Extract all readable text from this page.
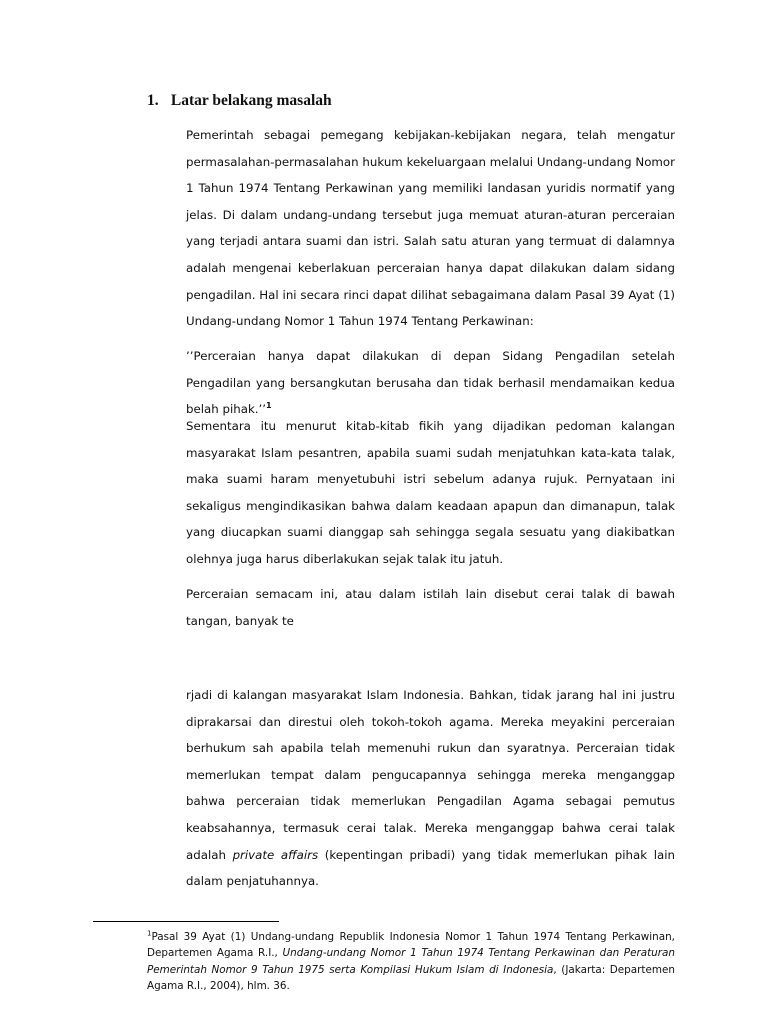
1. Latar belakang masalah

Pemerintah sebagai pemegang kebijakan-kebijakan negara, telah mengatur permasalahan-permasalahan hukum kekeluargaan melalui Undang-undang Nomor 1 Tahun 1974 Tentang Perkawinan yang memiliki landasan yuridis normatif yang jelas. Di dalam undang-undang tersebut juga memuat aturan-aturan perceraian yang terjadi antara suami dan istri. Salah satu aturan yang termuat di dalamnya adalah mengenai keberlakuan perceraian hanya dapat dilakukan dalam sidang pengadilan. Hal ini secara rinci dapat dilihat sebagaimana dalam Pasal 39 Ayat (1) Undang-undang Nomor 1 Tahun 1974 Tentang Perkawinan:

’’Perceraian hanya dapat dilakukan di depan Sidang Pengadilan setelah Pengadilan yang bersangkutan berusaha dan tidak berhasil mendamaikan kedua belah pihak.’’$^1$

Sementara itu menurut kitab-kitab fikih yang dijadikan pedoman kalangan masyarakat Islam pesantren, apabila suami sudah menjatuhkan kata-kata talak, maka suami haram menyetubuhi istri sebelum adanya rujuk. Pernyataan ini sekaligus mengindikasikan bahwa dalam keadaan apapun dan dimanapun, talak yang diucapkan suami dianggap sah sehingga segala sesuatu yang diakibatkan olehnya juga harus diberlakukan sejak talak itu jatuh.

Perceraian semacam ini, atau dalam istilah lain disebut cerai talak di bawah tangan, banyak te

rjadi di kalangan masyarakat Islam Indonesia. Bahkan, tidak jarang hal ini justru diprakarsai dan direstui oleh tokoh-tokoh agama. Mereka meyakini perceraian berhukum sah apabila telah memenuhi rukun dan syaratnya. Perceraian tidak memerlukan tempat dalam pengucapannya sehingga mereka menganggap bahwa perceraian tidak memerlukan Pengadilan Agama sebagai pemutus keabsahannya, termasuk cerai talak. Mereka menganggap bahwa cerai talak adalah private affairs (kepentingan pribadi) yang tidak memerlukan pihak lain dalam penjatuhannya.

$^1$Pasal 39 Ayat (1) Undang-undang Republik Indonesia Nomor 1 Tahun 1974 Tentang Perkawinan, Departemen Agama R.I., Undang-undang Nomor 1 Tahun 1974 Tentang Perkawinan dan Peraturan Pemerintah Nomor 9 Tahun 1975 serta Kompilasi Hukum Islam di Indonesia, (Jakarta: Departemen Agama R.I., 2004), hlm. 36.
